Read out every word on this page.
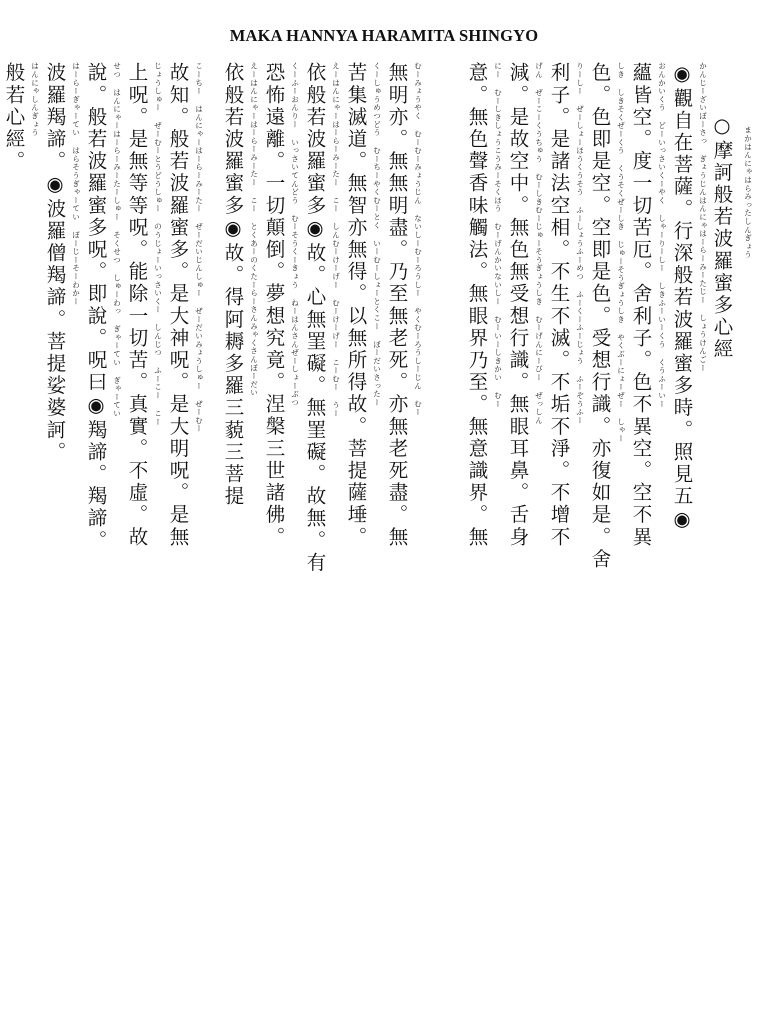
MAKA HANNYA HARAMITA SHINGYO
まかはんにゃはらみったしんぎょう
○摩訶般若波羅蜜多心經
かんじーざいぼーさっ ぎょうじんはんにゃはーらーみーたじー しょうけんごー
◉觀自在菩薩。行深般若波羅蜜多時。照見五◉
おんかいくう どーいっさいくーやく しゃーりーしー しきふーいーくう くうふーいー
蘊皆空。度一切苦厄。舍利子。色不異空。空不異
しき しきそくぜーくう くうそくぜーしき じゅーそうぎょうしき やくぶーにょーぜー しゃー
色。色即是空。空即是色。受想行識。亦復如是。舍
りーしー ぜーしょーほうくうそう ふーしょうふーめつ ふーくーふーじょう ふーぞうふー
利子。是諸法空相。不生不滅。不垢不淨。不增不
げん ぜーこーくうちゅう むーしきむーじゅーそうぎょうしき むーげんにーびー ぜっしん
減。是故空中。無色無受想行識。無眼耳鼻。舌身
にー むーしきしょうこうみーそくほう むーげんかいないしー むーいーしきかい むー
意。無色聲香味觸法。無眼界乃至。無意識界。無
むーみょうやく むーむーみょうじん ないしーむーろうしー やくむーろうしーじん むー
無明亦。無無明盡。乃至無老死。亦無老死盡。無
くーしゅうめつどう むーちーやくむーとく いーむーしょーとくこー ぼーだいさったー
苦集滅道。無智亦無得。以無所得故。菩提薩埵。
えーはんにゃーはーらーみーたー こー しんむーけーげー むーけーげー こーむー うー
依般若波羅蜜多◉故。心無罣礙。無罣礙。故無。有
くーふーおんりー いっさいてんどう むーそうくーきょう ねーはんさんぜーしょーぶつ
恐怖遠離。一切顛倒。夢想究竟。涅槃三世諸佛。
えーはんにゃーはーらーみーたー こー とくあーのくたーらーさんみゃくさんぼーだい
依般若波羅蜜多◉故。得阿耨多羅三藐三菩提
こーちー はんにゃーはーらーみーたー ぜーだいじんしゅー ぜーだいみょうしゅー ぜーむー
故知。般若波羅蜜多。是大神呪。是大明呪。是無
じょうしゅー ぜーむーとうどうしゅー のうじょーいっさいくー しんじつ ふーこー こー
上呪。是無等等呪。能除一切苦。真實。不虛。故
せつ はんにゃーはーらーみーたーしゅー そくせつ しゅーわっ ぎゃーてい ぎゃーてい
說。般若波羅蜜多呪。即說。呪曰◉羯諦。羯諦。
はーらーぎゃーてい はらそうぎゃーてい ぼーじーそーわかー
波羅羯諦。◉波羅僧羯諦。菩提娑婆訶。
はんにゃしんぎょう
般若心經。
